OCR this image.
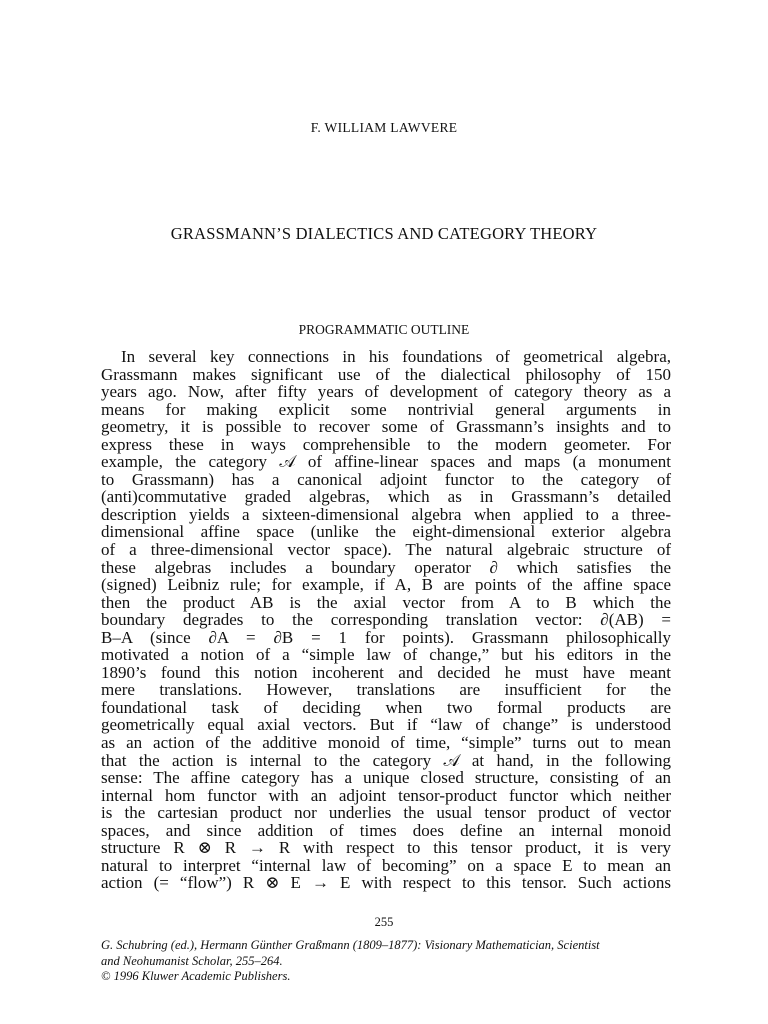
F. WILLIAM LAWVERE
GRASSMANN’S DIALECTICS AND CATEGORY THEORY
PROGRAMMATIC OUTLINE
In several key connections in his foundations of geometrical algebra,
Grassmann makes significant use of the dialectical philosophy of 150
years ago. Now, after fifty years of development of category theory as a
means for making explicit some nontrivial general arguments in
geometry, it is possible to recover some of Grassmann’s insights and to
express these in ways comprehensible to the modern geometer. For
example, the category 𝒜 of affine-linear spaces and maps (a monument
to Grassmann) has a canonical adjoint functor to the category of
(anti)commutative graded algebras, which as in Grassmann’s detailed
description yields a sixteen-dimensional algebra when applied to a three-
dimensional affine space (unlike the eight-dimensional exterior algebra
of a three-dimensional vector space). The natural algebraic structure of
these algebras includes a boundary operator ∂ which satisfies the
(signed) Leibniz rule; for example, if A, B are points of the affine space
then the product AB is the axial vector from A to B which the
boundary degrades to the corresponding translation vector: ∂(AB) =
B–A (since ∂A = ∂B = 1 for points). Grassmann philosophically
motivated a notion of a “simple law of change,” but his editors in the
1890’s found this notion incoherent and decided he must have meant
mere translations. However, translations are insufficient for the
foundational task of deciding when two formal products are
geometrically equal axial vectors. But if “law of change” is understood
as an action of the additive monoid of time, “simple” turns out to mean
that the action is internal to the category 𝒜 at hand, in the following
sense: The affine category has a unique closed structure, consisting of an
internal hom functor with an adjoint tensor-product functor which neither
is the cartesian product nor underlies the usual tensor product of vector
spaces, and since addition of times does define an internal monoid
structure R ⊗ R → R with respect to this tensor product, it is very
natural to interpret “internal law of becoming” on a space E to mean an
action (= “flow”) R ⊗ E → E with respect to this tensor. Such actions
255
G. Schubring (ed.), Hermann Günther Graßmann (1809–1877): Visionary Mathematician, Scientist
and Neohumanist Scholar, 255–264.
© 1996 Kluwer Academic Publishers.
